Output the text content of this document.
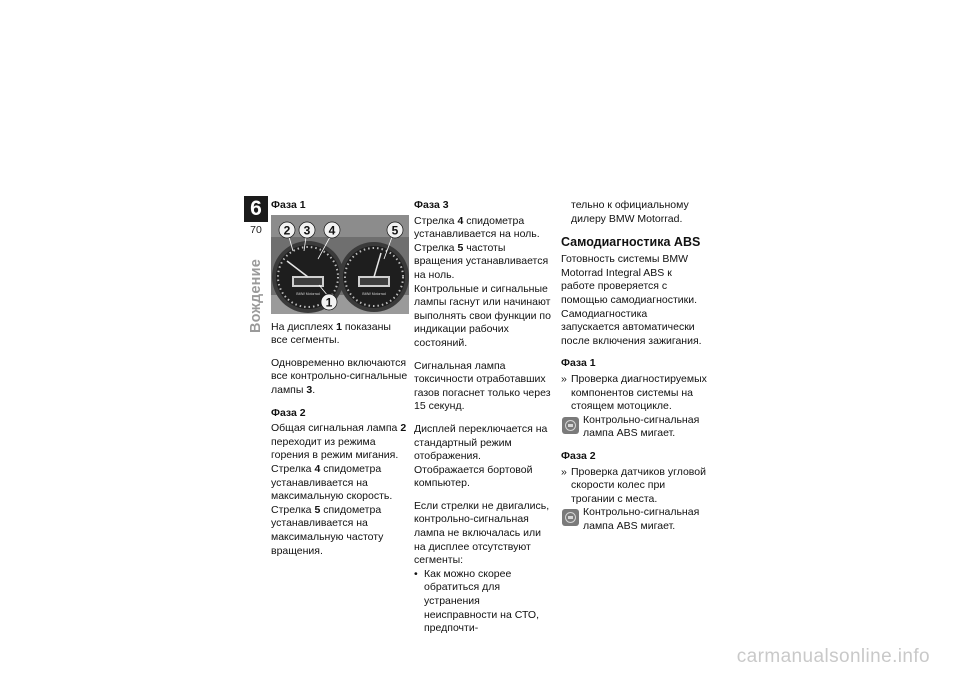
6
70
Вождение
Фаза 1
BMW Motorrad	BMW Motorrad
2 3 4	5
1

На дисплеях 1 показаны все сегменты.

Одновременно включаются все контрольно-сигнальные лампы 3.

Фаза 2

Общая сигнальная лампа 2 переходит из режима горения в режим мигания.

Стрелка 4 спидометра устанавливается на максимальную скорость.

Стрелка 5 спидометра устанавливается на максимальную частоту вращения.

Фаза 3

Стрелка 4 спидометра устанавливается на ноль.

Стрелка 5 частоты вращения устанавливается на ноль.

Контрольные и сигнальные лампы гаснут или начинают выполнять свои функции по индикации рабочих состояний.

Сигнальная лампа токсичности отработавших газов погаснет только через 15 секунд.

Дисплей переключается на стандартный режим отображения. Отображается бортовой компьютер.

Если стрелки не двигались, контрольно-сигнальная лампа не включалась или на дисплее отсутствуют сегменты:

• Как можно скорее обратиться для устранения неисправности на СТО, предпочти-

тельно к официальному дилеру BMW Motorrad.

Самодиагностика ABS

Готовность системы BMW Motorrad Integral ABS к работе проверяется с помощью самодиагностики. Самодиагностика запускается автоматически после включения зажигания.

Фаза 1
» Проверка диагностируемых компонентов системы на стоящем мотоцикле.
Контрольно-сигнальная лампа ABS мигает.
Фаза 2
» Проверка датчиков угловой скорости колес при трогании с места.
Контрольно-сигнальная лампа ABS мигает.
carmanualsonline.info
